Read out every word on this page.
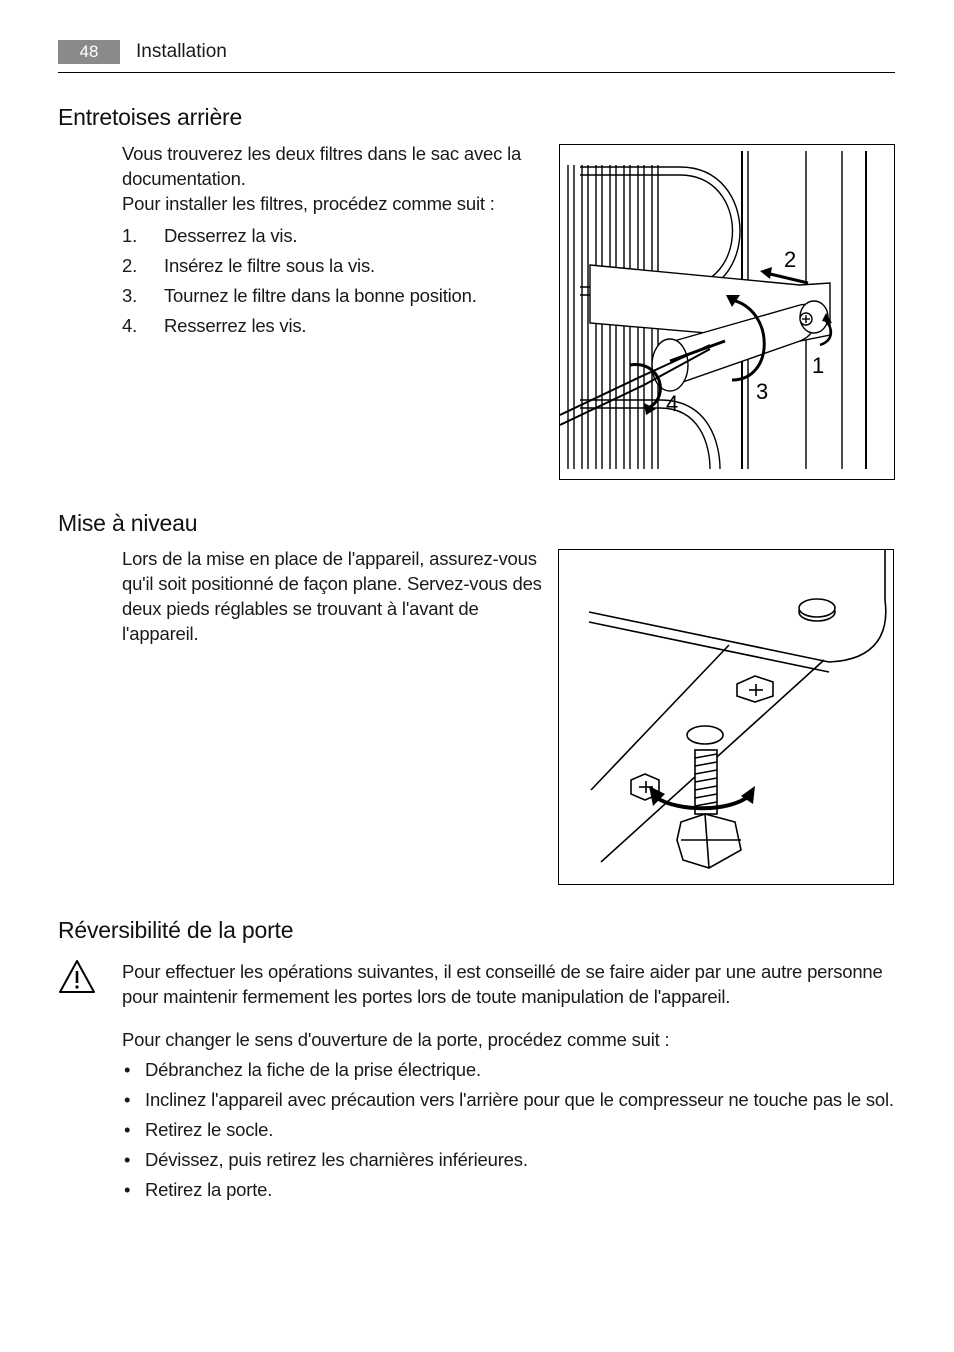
48	Installation
Entretoises arrière

Vous trouverez les deux filtres dans le sac avec la documentation.

Pour installer les filtres, procédez comme suit :

1. Desserrez la vis.
2. Insérez le filtre sous la vis.
3. Tournez le filtre dans la bonne position.
4. Resserrez les vis.
1
2
3
4
Mise à niveau

Lors de la mise en place de l'appareil, assurez-vous qu'il soit positionné de façon plane. Servez-vous des deux pieds réglables se trouvant à l'avant de l'appareil.

Réversibilité de la porte

Pour effectuer les opérations suivantes, il est conseillé de se faire aider par une autre personne pour maintenir fermement les portes lors de toute manipulation de l'appareil.

Pour changer le sens d'ouverture de la porte, procédez comme suit :

• Débranchez la fiche de la prise électrique.
• Inclinez l'appareil avec précaution vers l'arrière pour que le compresseur ne touche pas le sol.
• Retirez le socle.
• Dévissez, puis retirez les charnières inférieures.
• Retirez la porte.
